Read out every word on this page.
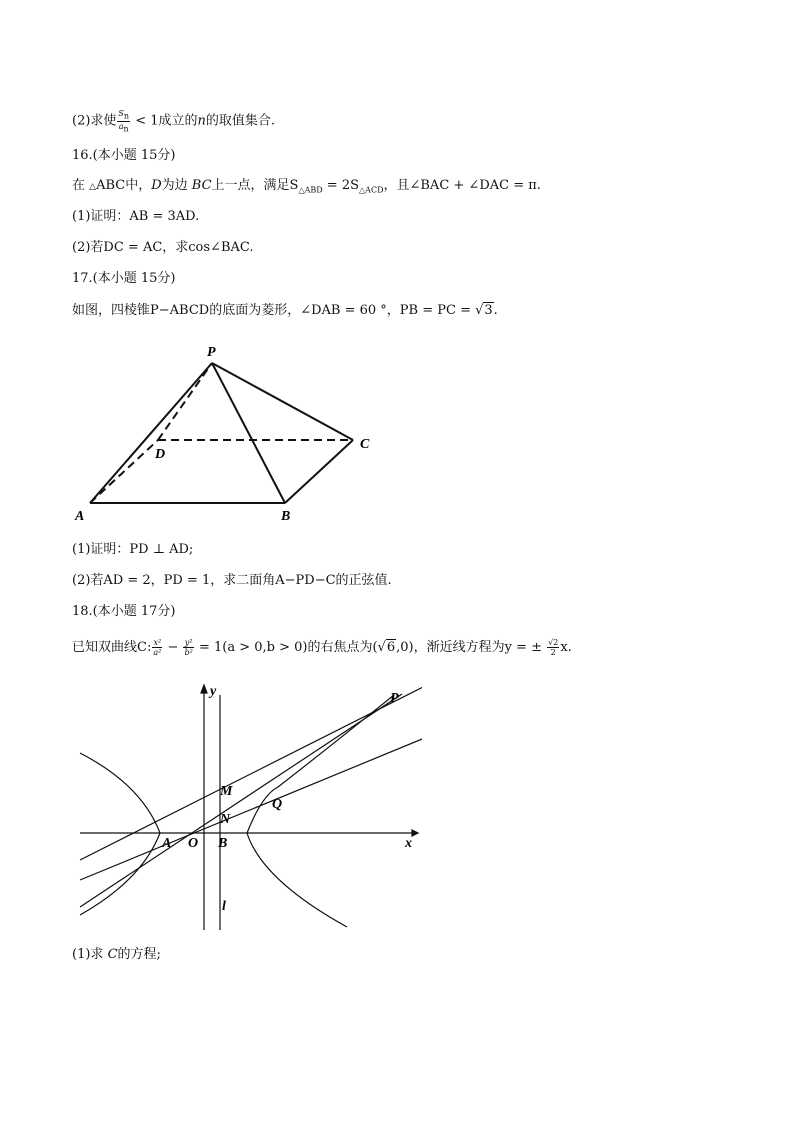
(2)求使 $\frac{Sn}{an} < 1$成立的n的取值集合.
16.(本小题 15分)
在 △ABC中，D为边 BC上一点，满足$S_{\triangle ABD} = 2S_{\triangle ACD}$，且∠BAC + ∠DAC = π.
(1)证明：AB = 3AD.
(2)若DC = AC，求cos∠BAC.
17.(本小题 15分)
如图，四棱锥P−ABCD的底面为菱形，∠DAB = 60 °，PB = PC = √3.
P
A	B
C
D
(1)证明：PD ⊥ AD;
(2)若AD = 2，PD = 1，求二面角A−PD−C的正弦值.
18.(本小题 17分)
已知双曲线C: $\frac{\text{x²}}{\text{a²}} - \frac{\text{y²}}{\text{b²}} = 1(a > 0,b > 0)$的右焦点为(√6,0)，渐近线方程为y = ± $\frac{√2}{2} x$.
y
x
P
M
Q
N
A O B
l
(1)求 C的方程;
